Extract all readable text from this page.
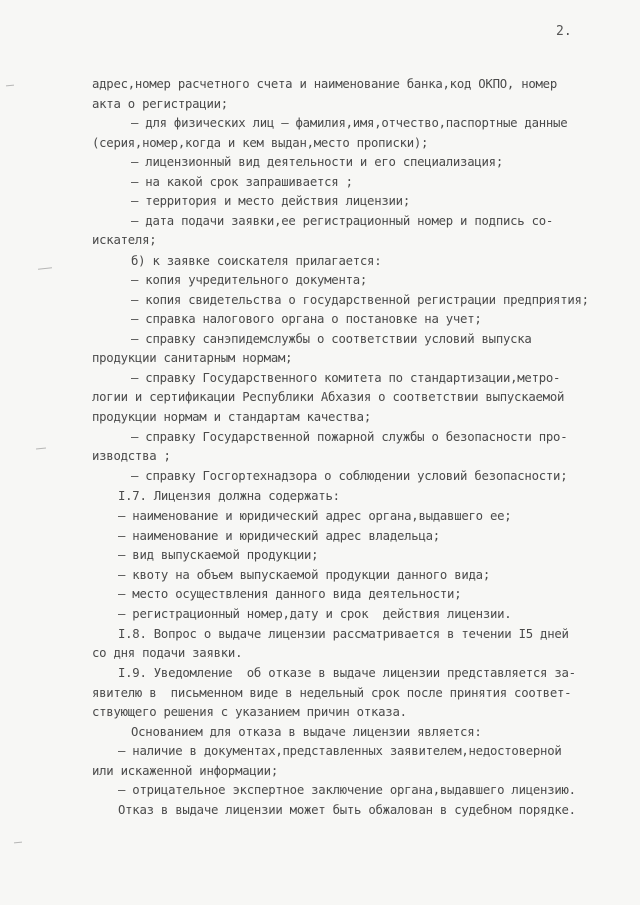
2.
адрес,номер расчетного счета и наименование банка,код ОКПО, номер
акта о регистрации;
– для физических лиц – фамилия,имя,отчество,паспортные данные
(серия,номер,когда и кем выдан,место прописки);
– лицензионный вид деятельности и его специализация;
– на какой срок запрашивается ;
– территория и место действия лицензии;
– дата подачи заявки,ее регистрационный номер и подпись со-
искателя;
б) к заявке соискателя прилагается:
– копия учредительного документа;
– копия свидетельства о государственной регистрации предприятия;
– справка налогового органа о постановке на учет;
– справку санэпидемслужбы о соответствии условий выпуска
продукции санитарным нормам;
– справку Государственного комитета по стандартизации,метро-
логии и сертификации Республики Абхазия о соответствии выпускаемой
продукции нормам и стандартам качества;
– справку Государственной пожарной службы о безопасности про-
изводства ;
– справку Госгортехнадзора о соблюдении условий безопасности;
I.7. Лицензия должна содержать:
– наименование и юридический адрес органа,выдавшего ее;
– наименование и юридический адрес владельца;
– вид выпускаемой продукции;
– квоту на объем выпускаемой продукции данного вида;
– место осуществления данного вида деятельности;
– регистрационный номер,дату и срок  действия лицензии.
I.8. Вопрос о выдаче лицензии рассматривается в течении I5 дней
со дня подачи заявки.
I.9. Уведомление  об отказе в выдаче лицензии представляется за-
явителю в  письменном виде в недельный срок после принятия соответ-
ствующего решения с указанием причин отказа.
Основанием для отказа в выдаче лицензии является:
– наличие в документах,представленных заявителем,недостоверной
или искаженной информации;
– отрицательное экспертное заключение органа,выдавшего лицензию.
Отказ в выдаче лицензии может быть обжалован в судебном порядке.
